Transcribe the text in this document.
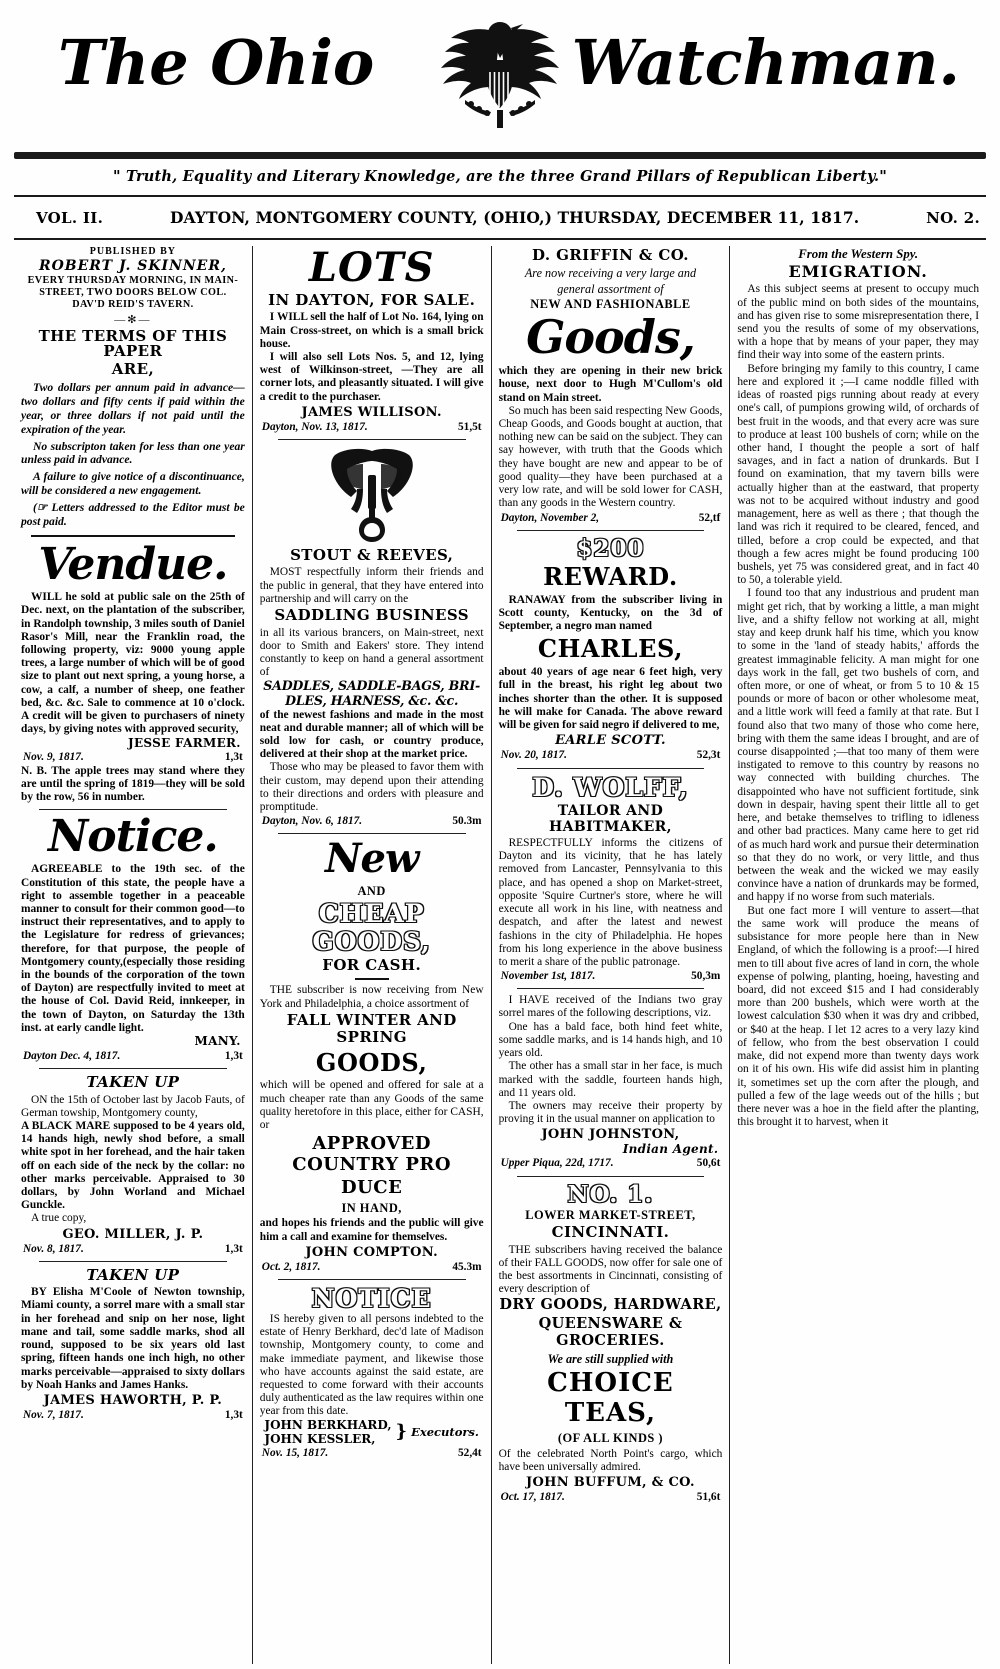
The Ohio	Watchman.
" Truth, Equality and Literary Knowledge, are the three Grand Pillars of Republican Liberty."
VOL. II.	DAYTON, MONTGOMERY COUNTY, (OHIO,) THURSDAY, DECEMBER 11, 1817.	NO. 2.
PUBLISHED BY
ROBERT J. SKINNER,
EVERY THURSDAY MORNING, IN MAIN-
STREET, TWO DOORS BELOW COL.
DAV'D REID'S TAVERN.
—✻—
THE TERMS OF THIS PAPER
ARE,

Two dollars per annum paid in advance—two dollars and fifty cents if paid within the year, or three dollars if not paid until the expiration of the year.

No subscripton taken for less than one year unless paid in advance.

A failure to give notice of a discontinuance, will be considered a new engagement.

(☞ Letters addressed to the Editor must be post paid.

Vendue.

WILL he sold at public sale on the 25th of Dec. next, on the plantation of the subscriber, in Randolph township, 3 miles south of Daniel Rasor's Mill, near the Franklin road, the following property, viz: 9000 young apple trees, a large number of which will be of good size to plant out next spring, a young horse, a cow, a calf, a number of sheep, one feather bed, &c. &c. Sale to commence at 10 o'clock. A credit will be given to purchasers of ninety days, by giving notes with approved security,

JESSE FARMER.
Nov. 9, 1817.	1,3t

N. B. The apple trees may stand where they are until the spring of 1819—they will be sold by the row, 56 in number.

Notice.

AGREEABLE to the 19th sec. of the Constitution of this state, the people have a right to assemble together in a peaceable manner to consult for their common good—to instruct their representatives, and to apply to the Legislature for redress of grievances; therefore, for that purpose, the people of Montgomery county,(especially those residing in the bounds of the corporation of the town of Dayton) are respectfully invited to meet at the house of Col. David Reid, innkeeper, in the town of Dayton, on Saturday the 13th inst. at early candle light.

MANY.
Dayton Dec. 4, 1817.	1,3t
TAKEN UP

ON the 15th of October last by Jacob Fauts, of German towship, Montgomery county,

A BLACK MARE supposed to be 4 years old, 14 hands high, newly shod before, a small white spot in her forehead, and the hair taken off on each side of the neck by the collar: no other marks perceivable. Appraised to 30 dollars, by John Worland and Michael Gunckle.

A true copy,

GEO. MILLER, J. P.
Nov. 8, 1817.	1,3t
TAKEN UP

BY Elisha M'Coole of Newton township, Miami county, a sorrel mare with a small star in her forehead and snip on her nose, light mane and tail, some saddle marks, shod all round, supposed to be six years old last spring, fifteen hands one inch high, no other marks perceivable—appraised to sixty dollars by Noah Hanks and James Hanks.

JAMES HAWORTH, P. P.
Nov. 7, 1817.	1,3t
LOTS
IN DAYTON, FOR SALE.

I WILL sell the half of Lot No. 164, lying on Main Cross-street, on which is a small brick house.

I will also sell Lots Nos. 5, and 12, lying west of Wilkinson-street, —They are all corner lots, and pleasantly situated. I will give a credit to the purchaser.

JAMES WILLISON.
Dayton, Nov. 13, 1817.	51,5t
STOUT & REEVES,

MOST respectfully inform their friends and the public in general, that they have entered into partnership and will carry on the

SADDLING BUSINESS

in all its various brancers, on Main-street, next door to Smith and Eakers' store. They intend constantly to keep on hand a general assortment of

SADDLES, SADDLE-BAGS, BRI-
DLES, HARNESS, &c. &c.

of the newest fashions and made in the most neat and durable manner; all of which will be sold low for cash, or country produce, delivered at their shop at the market price.

Those who may be pleased to favor them with their custom, may depend upon their attending to their directions and orders with pleasure and promptitude.

Dayton, Nov. 6, 1817.	50.3m
New
AND
CHEAP GOODS,
FOR CASH.

THE subscriber is now receiving from New York and Philadelphia, a choice assortment of

FALL WINTER AND SPRING
GOODS,

which will be opened and offered for sale at a much cheaper rate than any Goods of the same quality heretofore in this place, either for CASH, or

APPROVED COUNTRY PRO
DUCE
IN HAND,

and hopes his friends and the public will give him a call and examine for themselves.

JOHN COMPTON.
Oct. 2, 1817.	45.3m
NOTICE

IS hereby given to all persons indebted to the estate of Henry Berkhard, dec'd late of Madison township, Montgomery county, to come and make immediate payment, and likewise those who have accounts against the said estate, are requested to come forward with their accounts duly authenticated as the law requires within one year from this date.

JOHN BERKHARD,
JOHN KESSLER,	} Executors.
Nov. 15, 1817.	52,4t
D. GRIFFIN & CO.
Are now receiving a very large and
general assortment of
NEW AND FASHIONABLE
Goods,

which they are opening in their new brick house, next door to Hugh M'Cullom's old stand on Main street.

So much has been said respecting New Goods, Cheap Goods, and Goods bought at auction, that nothing new can be said on the subject. They can say however, with truth that the Goods which they have bought are new and appear to be of good quality—they have been purchased at a very low rate, and will be sold lower for CASH, than any goods in the Western country.

Dayton, November 2,	52,tf
$200
REWARD.

RANAWAY from the subscriber living in Scott county, Kentucky, on the 3d of September, a negro man named

CHARLES,

about 40 years of age near 6 feet high, very full in the breast, his right leg about two inches shorter than the other. It is supposed he will make for Canada. The above reward will be given for said negro if delivered to me,

EARLE SCOTT.
Nov. 20, 1817.	52,3t
D. WOLFF,
TAILOR AND HABITMAKER,

RESPECTFULLY informs the citizens of Dayton and its vicinity, that he has lately removed from Lancaster, Pennsylvania to this place, and has opened a shop on Market-street, opposite 'Squire Curtner's store, where he will execute all work in his line, with neatness and despatch, and after the latest and newest fashions in the city of Philadelphia. He hopes from his long experience in the above business to merit a share of the public patronage.

November 1st, 1817.	50,3m

I HAVE received of the Indians two gray sorrel mares of the following descriptions, viz.

One has a bald face, both hind feet white, some saddle marks, and is 14 hands high, and 10 years old.

The other has a small star in her face, is much marked with the saddle, fourteen hands high, and 11 years old.

The owners may receive their property by proving it in the usual manner on application to

JOHN JOHNSTON,
Indian Agent.
Upper Piqua, 22d, 1717.	50,6t
NO. 1.
LOWER MARKET-STREET,
CINCINNATI.

THE subscribers having received the balance of their FALL GOODS, now offer for sale one of the best assortments in Cincinnati, consisting of every description of

DRY GOODS, HARDWARE,
QUEENSWARE & GROCERIES.
We are still supplied with
CHOICE TEAS,
(OF ALL KINDS )

Of the celebrated North Point's cargo, which have been universally admired.

JOHN BUFFUM, & CO.
Oct. 17, 1817.	51,6t
From the Western Spy.
EMIGRATION.

As this subject seems at present to occupy much of the public mind on both sides of the mountains, and has given rise to some misrepresentation there, I send you the results of some of my observations, with a hope that by means of your paper, they may find their way into some of the eastern prints.

Before bringing my family to this country, I came here and explored it ;—I came noddle filled with ideas of roasted pigs running about ready at every one's call, of pumpions growing wild, of orchards of best fruit in the woods, and that every acre was sure to produce at least 100 bushels of corn; while on the other hand, I thought the people a sort of half savages, and in fact a nation of drunkards. But I found on examination, that my tavern bills were actually higher than at the eastward, that property was not to be acquired without industry and good management, here as well as there ; that though the land was rich it required to be cleared, fenced, and tilled, before a crop could be expected, and that though a few acres might be found producing 100 bushels, yet 75 was considered great, and in fact 40 to 50, a tolerable yield.

I found too that any industrious and prudent man might get rich, that by working a little, a man might live, and a shifty fellow not working at all, might stay and keep drunk half his time, which you know to some in the 'land of steady habits,' affords the greatest immaginable felicity. A man might for one days work in the fall, get two bushels of corn, and often more, or one of wheat, or from 5 to 10 & 15 pounds or more of bacon or other wholesome meat, and a little work will feed a family at that rate. But I found also that two many of those who come here, bring with them the same ideas I brought, and are of course disappointed ;—that too many of them were instigated to remove to this country by reasons no way connected with building churches. The disappointed who have not sufficient fortitude, sink down in despair, having spent their little all to get here, and betake themselves to trifling to idleness and other bad practices. Many came here to get rid of as much hard work and pursue their determination so that they do no work, or very little, and thus between the weak and the wicked we may easily convince have a nation of drunkards may be formed, and happy if no worse from such materials.

But one fact more I will venture to assert—that the same work will produce the means of subsistance for more people here than in New England, of which the following is a proof:—I hired men to till about five acres of land in corn, the whole expense of polwing, planting, hoeing, havesting and board, did not exceed $15 and I had considerably more than 200 bushels, which were worth at the lowest calculation $30 when it was dry and cribbed, or $40 at the heap. I let 12 acres to a very lazy kind of fellow, who from the best observation I could make, did not expend more than twenty days work on it of his own. His wife did assist him in planting it, sometimes set up the corn after the plough, and pulled a few of the lage weeds out of the hills ; but there never was a hoe in the field after the planting, this brought it to harvest, when it
